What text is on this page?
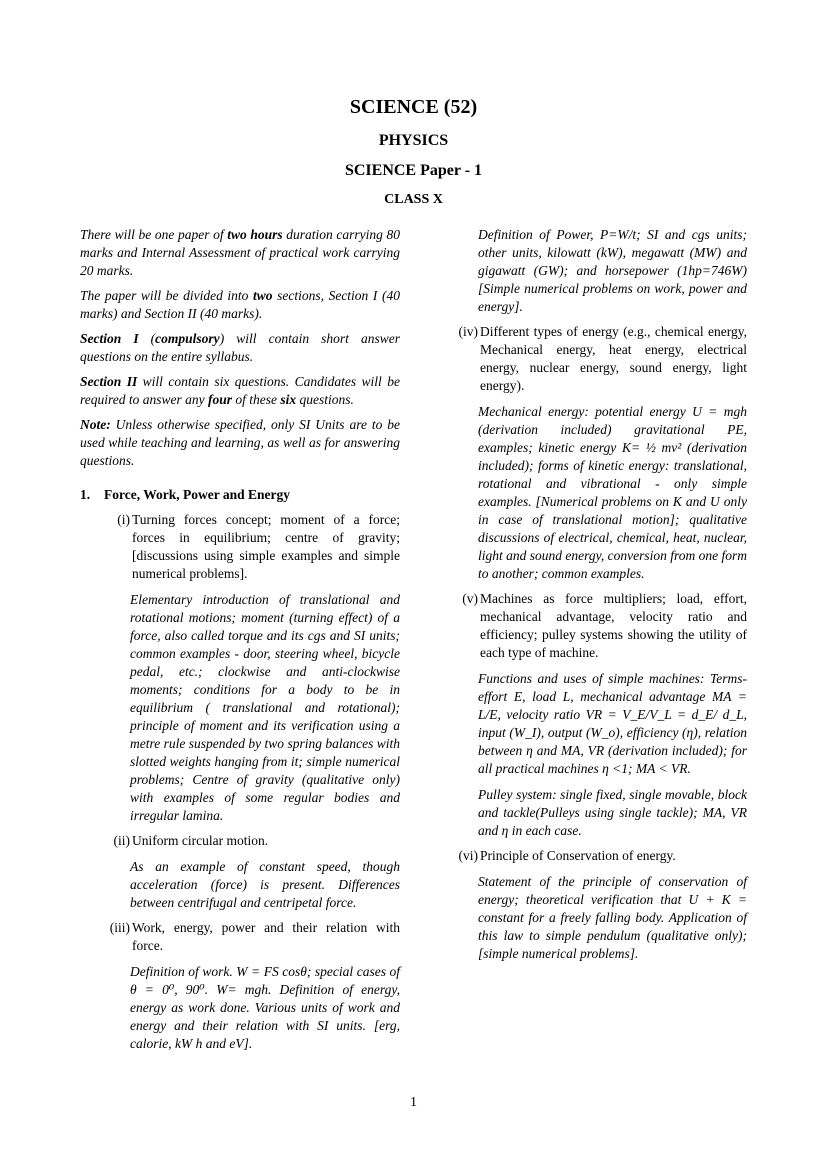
SCIENCE (52)
PHYSICS
SCIENCE Paper - 1
CLASS X

There will be one paper of two hours duration carrying 80 marks and Internal Assessment of practical work carrying 20 marks.

The paper will be divided into two sections, Section I (40 marks) and Section II (40 marks).

Section I (compulsory) will contain short answer questions on the entire syllabus.

Section II will contain six questions. Candidates will be required to answer any four of these six questions.

Note: Unless otherwise specified, only SI Units are to be used while teaching and learning, as well as for answering questions.

1.	Force, Work, Power and Energy
(i) Turning forces concept; moment of a force; forces in equilibrium; centre of gravity; [discussions using simple examples and simple numerical problems].

Elementary introduction of translational and rotational motions; moment (turning effect) of a force, also called torque and its cgs and SI units; common examples - door, steering wheel, bicycle pedal, etc.; clockwise and anti-clockwise moments; conditions for a body to be in equilibrium ( translational and rotational); principle of moment and its verification using a metre rule suspended by two spring balances with slotted weights hanging from it; simple numerical problems; Centre of gravity (qualitative only) with examples of some regular bodies and irregular lamina.

(ii) Uniform circular motion.

As an example of constant speed, though acceleration (force) is present. Differences between centrifugal and centripetal force.

(iii) Work, energy, power and their relation with force.

Definition of work. W = FS cosθ; special cases of θ = 0⁰, 90⁰. W= mgh. Definition of energy, energy as work done. Various units of work and energy and their relation with SI units. [erg, calorie, kW h and eV].

Definition of Power, P=W/t; SI and cgs units; other units, kilowatt (kW), megawatt (MW) and gigawatt (GW); and horsepower (1hp=746W) [Simple numerical problems on work, power and energy].

(iv) Different types of energy (e.g., chemical energy, Mechanical energy, heat energy, electrical energy, nuclear energy, sound energy, light energy).

Mechanical energy: potential energy U = mgh (derivation included) gravitational PE, examples; kinetic energy K= ½ mv² (derivation included); forms of kinetic energy: translational, rotational and vibrational - only simple examples. [Numerical problems on K and U only in case of translational motion]; qualitative discussions of electrical, chemical, heat, nuclear, light and sound energy, conversion from one form to another; common examples.

(v) Machines as force multipliers; load, effort, mechanical advantage, velocity ratio and efficiency; pulley systems showing the utility of each type of machine.

Functions and uses of simple machines: Terms- effort E, load L, mechanical advantage MA = L/E, velocity ratio VR = V_E/V_L = d_E/ d_L, input (W_I), output (W_o), efficiency (η), relation between η and MA, VR (derivation included); for all practical machines η <1; MA < VR.

Pulley system: single fixed, single movable, block and tackle(Pulleys using single tackle); MA, VR and η in each case.

(vi) Principle of Conservation of energy.

Statement of the principle of conservation of energy; theoretical verification that U + K = constant for a freely falling body. Application of this law to simple pendulum (qualitative only); [simple numerical problems].

1
